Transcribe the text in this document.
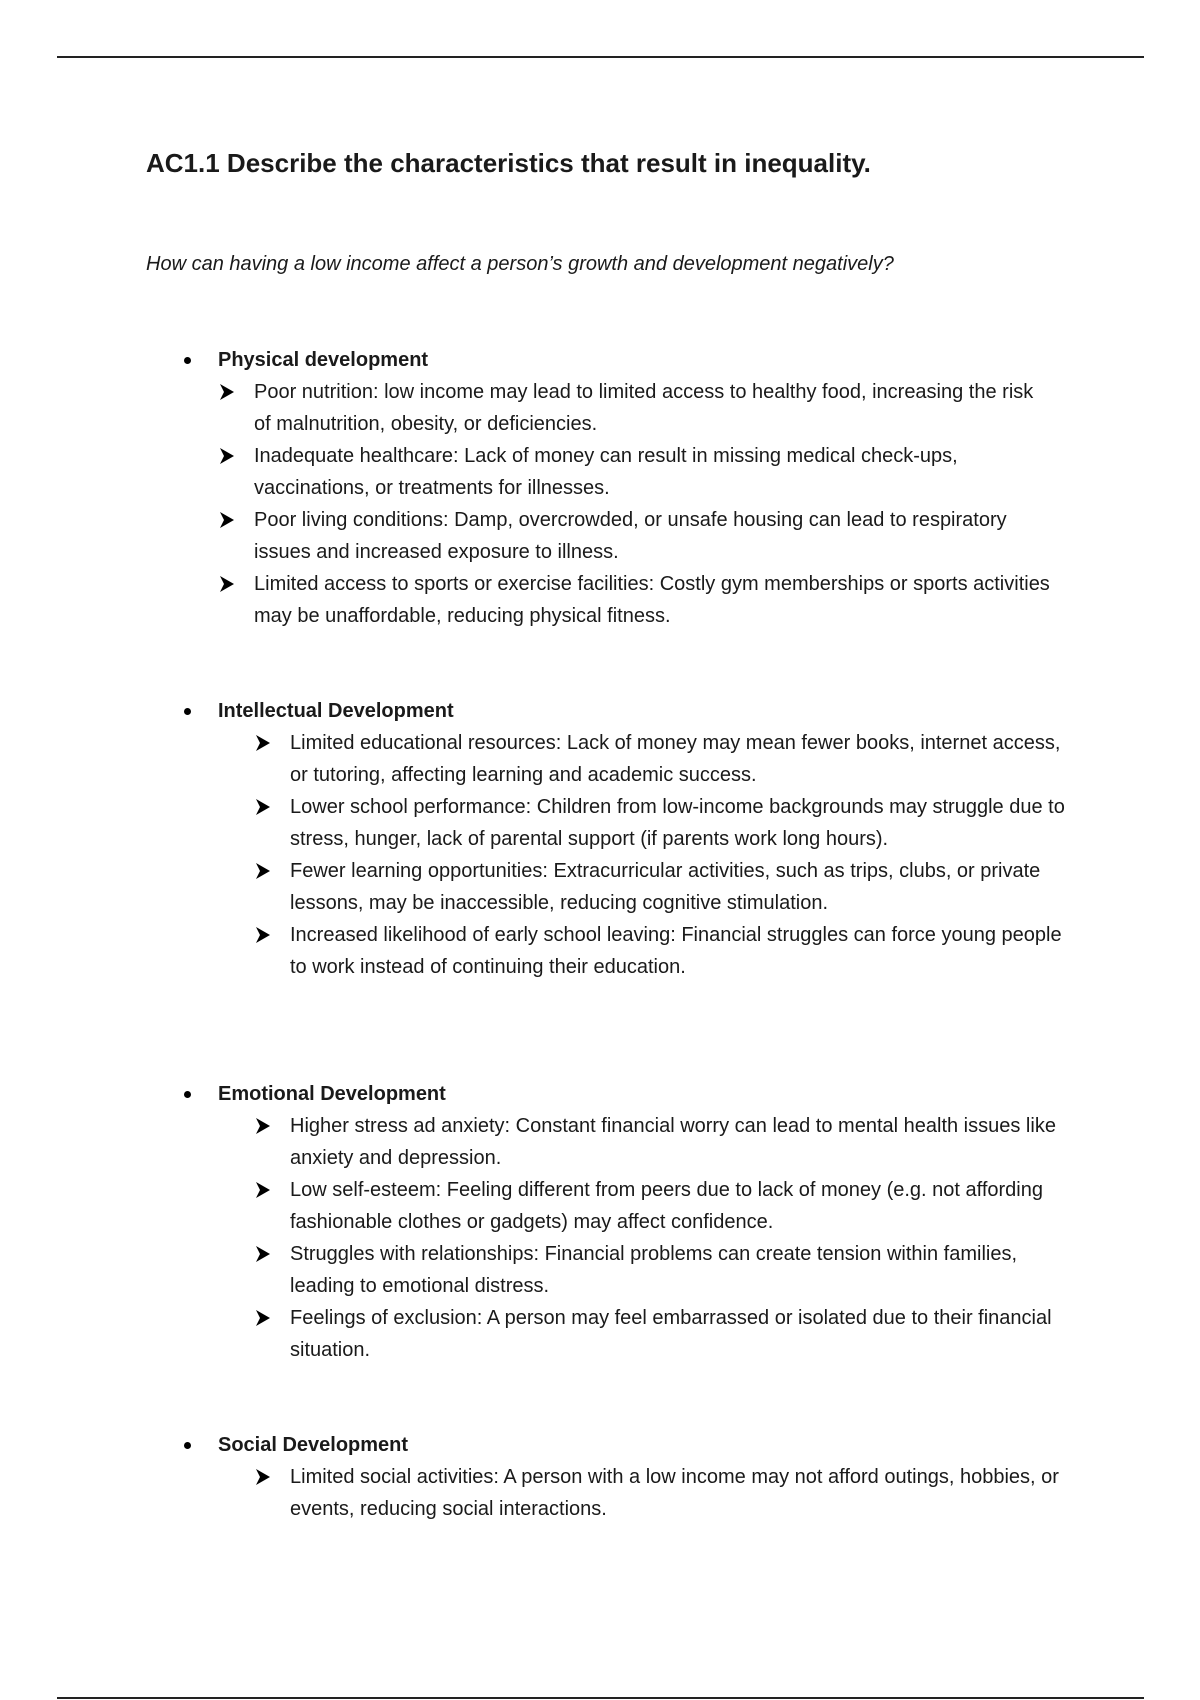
AC1.1 Describe the characteristics that result in inequality.

How can having a low income affect a person’s growth and development negatively?

Physical development
Poor nutrition: low income may lead to limited access to healthy food, increasing the risk of malnutrition, obesity, or deficiencies.
Inadequate healthcare: Lack of money can result in missing medical check-ups, vaccinations, or treatments for illnesses.
Poor living conditions: Damp, overcrowded, or unsafe housing can lead to respiratory issues and increased exposure to illness.
Limited access to sports or exercise facilities: Costly gym memberships or sports activities may be unaffordable, reducing physical fitness.
Intellectual Development
Limited educational resources: Lack of money may mean fewer books, internet access, or tutoring, affecting learning and academic success.
Lower school performance: Children from low-income backgrounds may struggle due to stress, hunger, lack of parental support (if parents work long hours).
Fewer learning opportunities: Extracurricular activities, such as trips, clubs, or private lessons, may be inaccessible, reducing cognitive stimulation.
Increased likelihood of early school leaving: Financial struggles can force young people to work instead of continuing their education.
Emotional Development
Higher stress ad anxiety: Constant financial worry can lead to mental health issues like anxiety and depression.
Low self-esteem: Feeling different from peers due to lack of money (e.g. not affording fashionable clothes or gadgets) may affect confidence.
Struggles with relationships: Financial problems can create tension within families, leading to emotional distress.
Feelings of exclusion: A person may feel embarrassed or isolated due to their financial situation.
Social Development
Limited social activities: A person with a low income may not afford outings, hobbies, or events, reducing social interactions.
